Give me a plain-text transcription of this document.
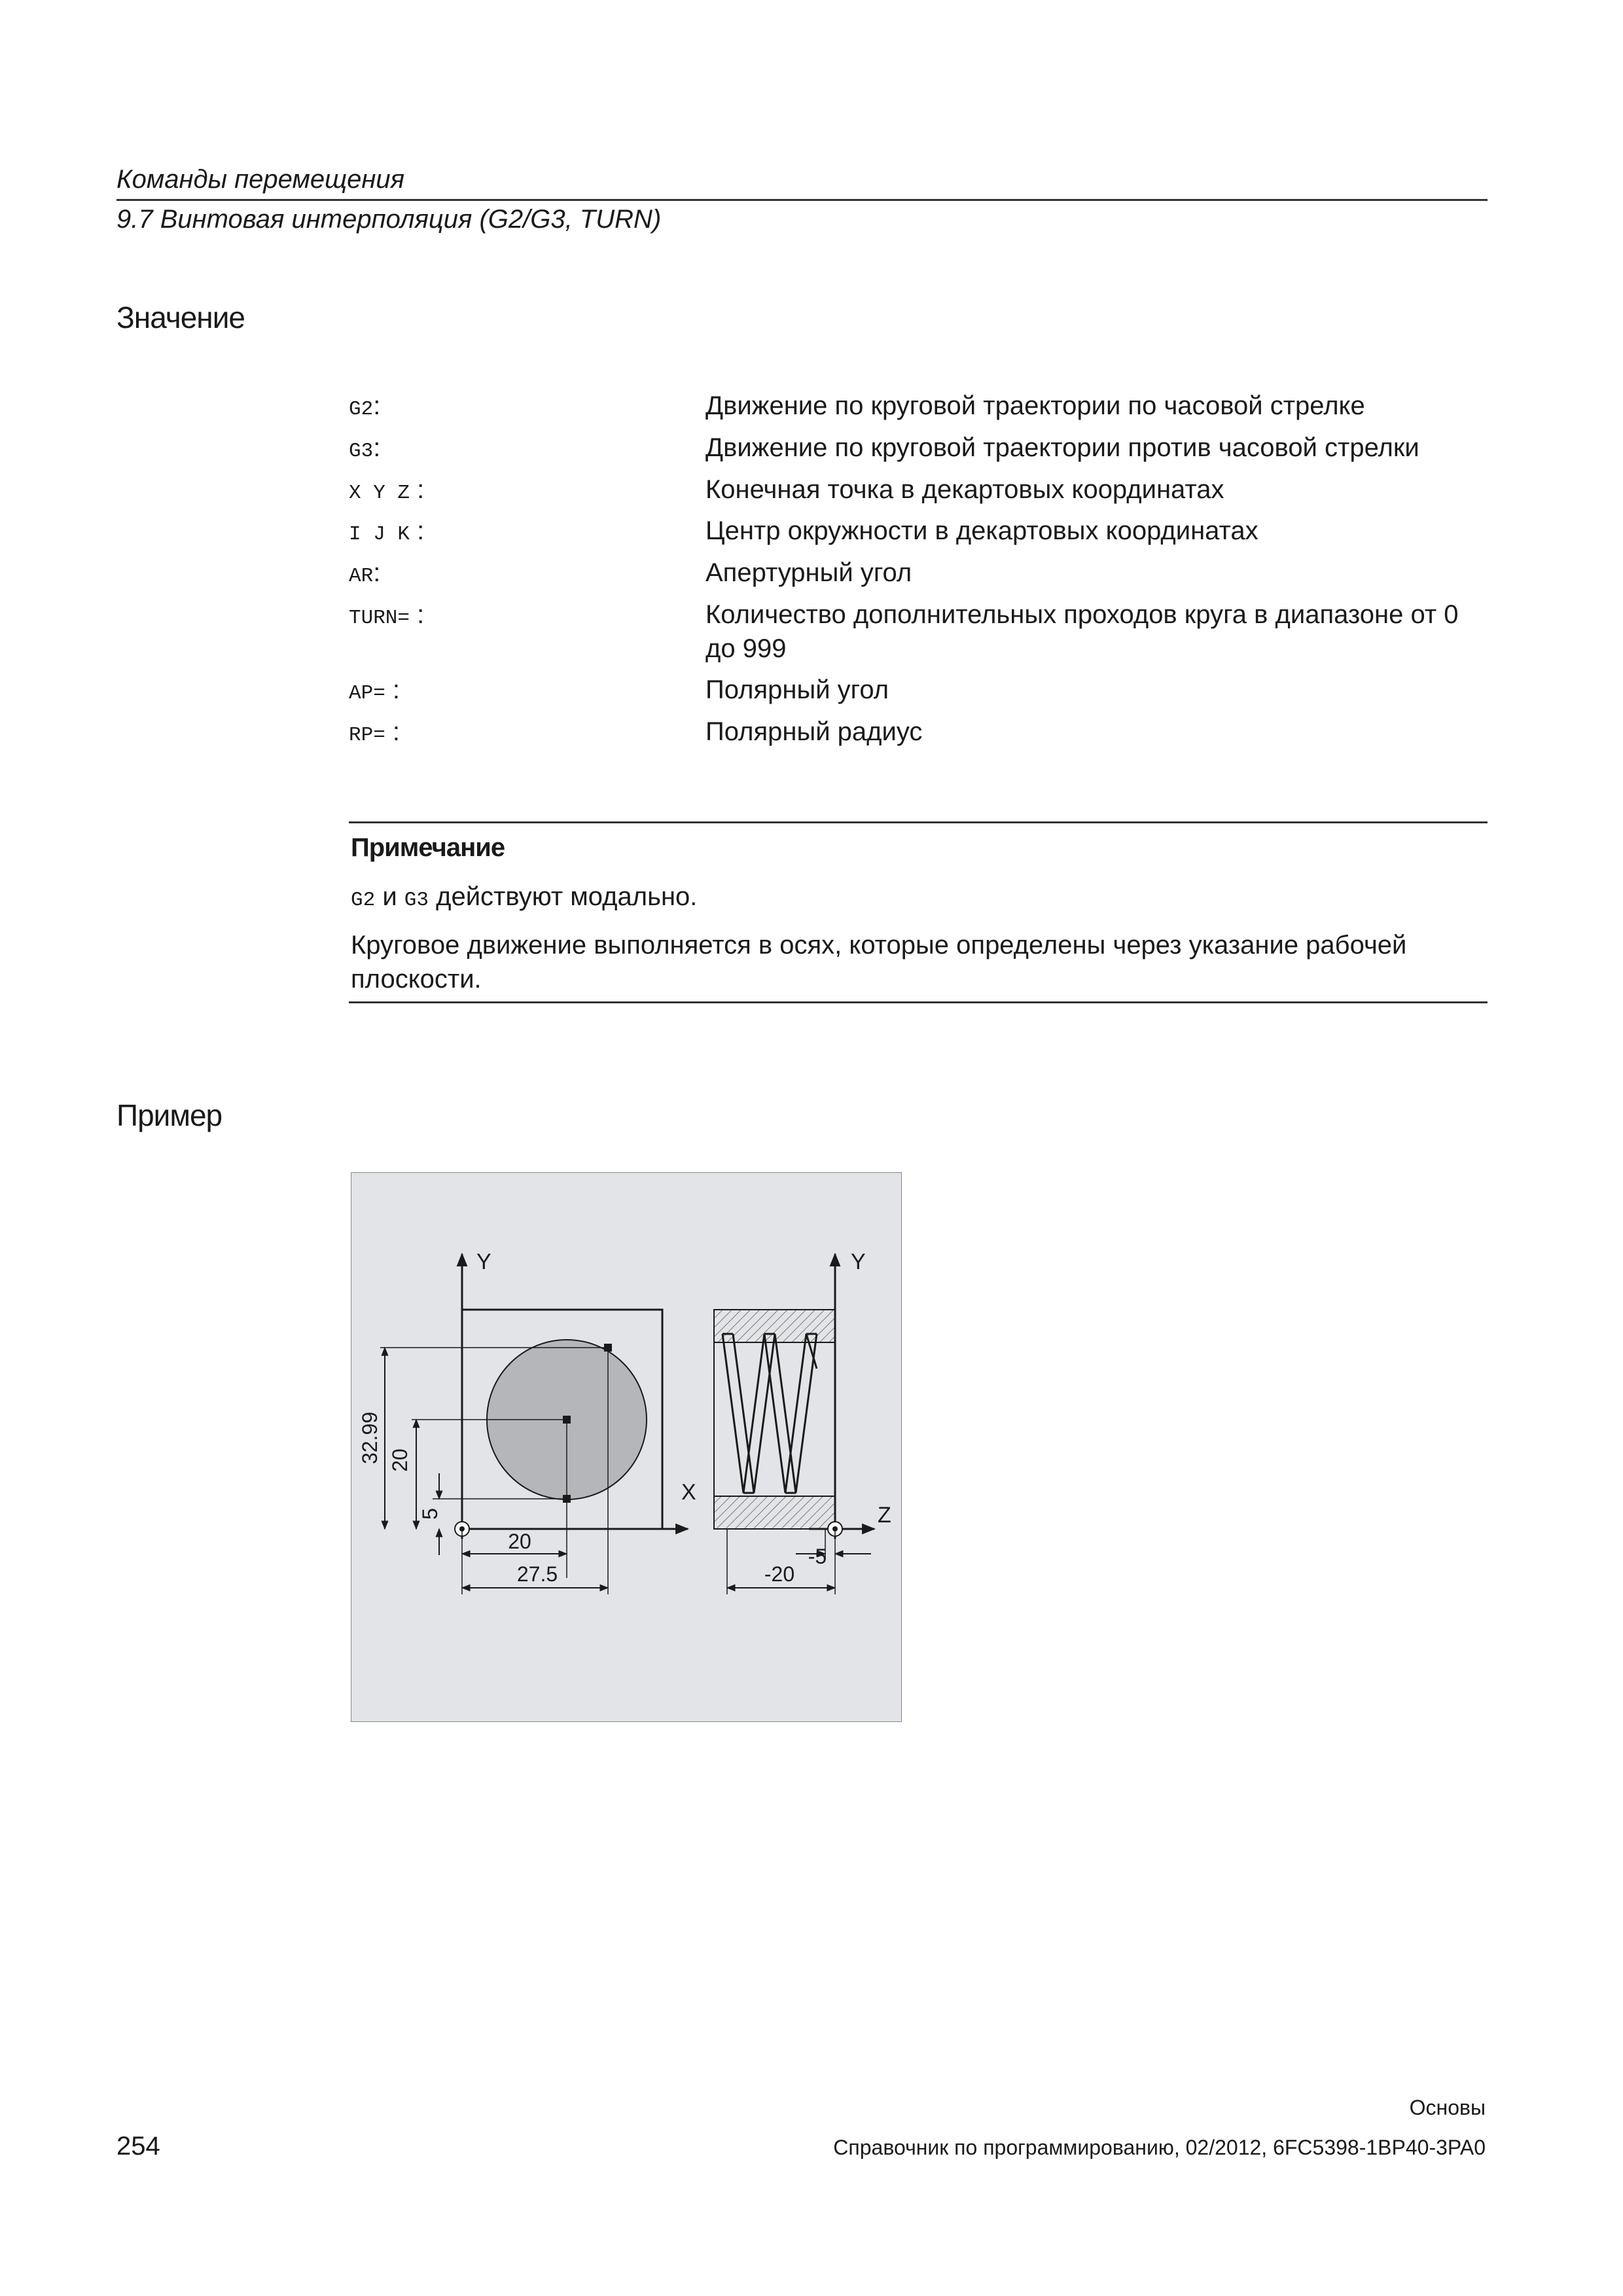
Команды перемещения
9.7 Винтовая интерполяция (G2/G3, TURN)
Значение
G2:	Движение по круговой траектории по часовой стрелке
G3:	Движение по круговой траектории против часовой стрелки
X Y Z :	Конечная точка в декартовых координатах
I J K :	Центр окружности в декартовых координатах
AR:	Апертурный угол
TURN= :	Количество дополнительных проходов круга в диапазоне от 0 до 999
AP= :	Полярный угол
RP= :	Полярный радиус
Примечание
G2 и G3 действуют модально.
Круговое движение выполняется в осях, которые определены через указание рабочей плоскости.
Пример
Y
X
32.99 20
5
20
27.5
Y
Z
-5
-20
Основы
254	Справочник по программированию, 02/2012, 6FC5398-1BP40-3PA0
